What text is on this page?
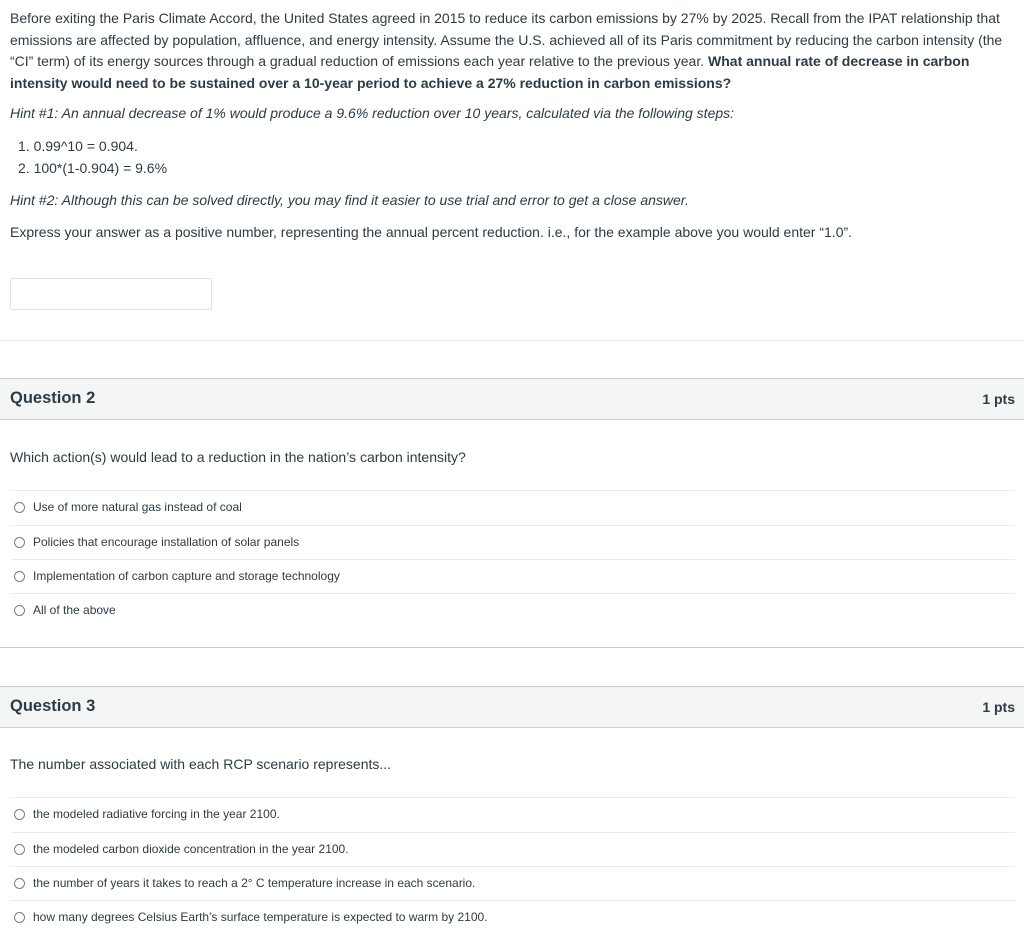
Before exiting the Paris Climate Accord, the United States agreed in 2015 to reduce its carbon emissions by 27% by 2025. Recall from the IPAT relationship that emissions are affected by population, affluence, and energy intensity. Assume the U.S. achieved all of its Paris commitment by reducing the carbon intensity (the “CI” term) of its energy sources through a gradual reduction of emissions each year relative to the previous year. What annual rate of decrease in carbon intensity would need to be sustained over a 10-year period to achieve a 27% reduction in carbon emissions?

Hint #1: An annual decrease of 1% would produce a 9.6% reduction over 10 years, calculated via the following steps:
1. 0.99^10 = 0.904.
2. 100*(1-0.904) = 9.6%
Hint #2: Although this can be solved directly, you may find it easier to use trial and error to get a close answer.
Express your answer as a positive number, representing the annual percent reduction. i.e., for the example above you would enter “1.0”.
Question 2	1 pts
Which action(s) would lead to a reduction in the nation’s carbon intensity?
Use of more natural gas instead of coal
Policies that encourage installation of solar panels
Implementation of carbon capture and storage technology
All of the above
Question 3	1 pts
The number associated with each RCP scenario represents...
the modeled radiative forcing in the year 2100.
the modeled carbon dioxide concentration in the year 2100.
the number of years it takes to reach a 2° C temperature increase in each scenario.
how many degrees Celsius Earth's surface temperature is expected to warm by 2100.
